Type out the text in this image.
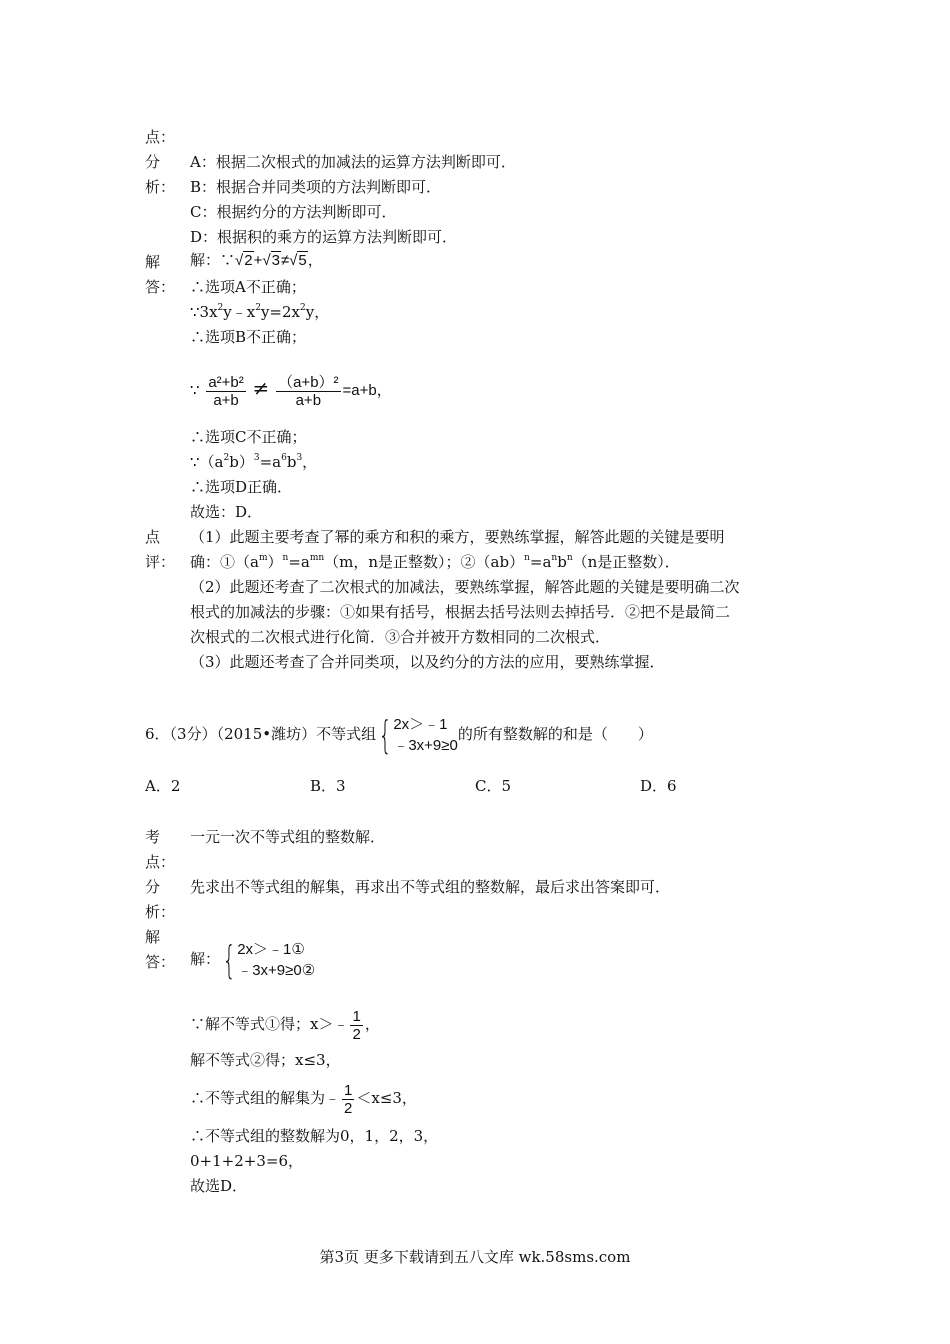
点：
分
析：
A：根据二次根式的加减法的运算方法判断即可．
B：根据合并同类项的方法判断即可．
C：根据约分的方法判断即可．
D：根据积的乘方的运算方法判断即可．
解
答：
解：∵√2+√3≠√5，
∴选项A不正确；
$\because 3x^2y﹣x^2y=2x^2y$，
∴选项B不正确；
∵ $\frac{\text{a²+b²}}{a+b} \ne \frac{\text{（a+b）²}}{a+b} =a+b$，
∴选项C不正确；
$\because(a^2b)^3=a^6b^3$，
∴选项D正确．
故选：D．
点
评：
（1）此题主要考查了幂的乘方和积的乘方，要熟练掌握，解答此题的关键是要明
确：$①(a^m)^n=a^{mn}(m$，n是正整数）；$②(ab)^n=a^nb^n(n$是正整数）．
（2）此题还考查了二次根式的加减法，要熟练掌握，解答此题的关键是要明确二次
根式的加减法的步骤：①如果有括号，根据去括号法则去掉括号．②把不是最简二
次根式的二次根式进行化简．③合并被开方数相同的二次根式．
（3）此题还考查了合并同类项，以及约分的方法的应用，要熟练掌握．
6．（3分）（2015•潍坊）不等式组{ 2x＞﹣1
﹣3x+9≥0
的所有整数解的和是（　　）
A．2	B．3	C．5	D．6
考
点：
一元一次不等式组的整数解．
分
析：
先求出不等式组的解集，再求出不等式组的整数解，最后求出答案即可．
解
答： 解：{ 2x＞﹣1①
﹣3x+9≥0②
∵解不等式①得；x＞﹣ $\frac{1}{2}$ ，
解不等式②得；x≤3，
∴不等式组的解集为﹣ $\frac{1}{2} <x\le 3$，
∴不等式组的整数解为0，1，2，3，
0+1+2+3=6，
故选D．
第3页 更多下载请到五八文库 wk.58sms.com
